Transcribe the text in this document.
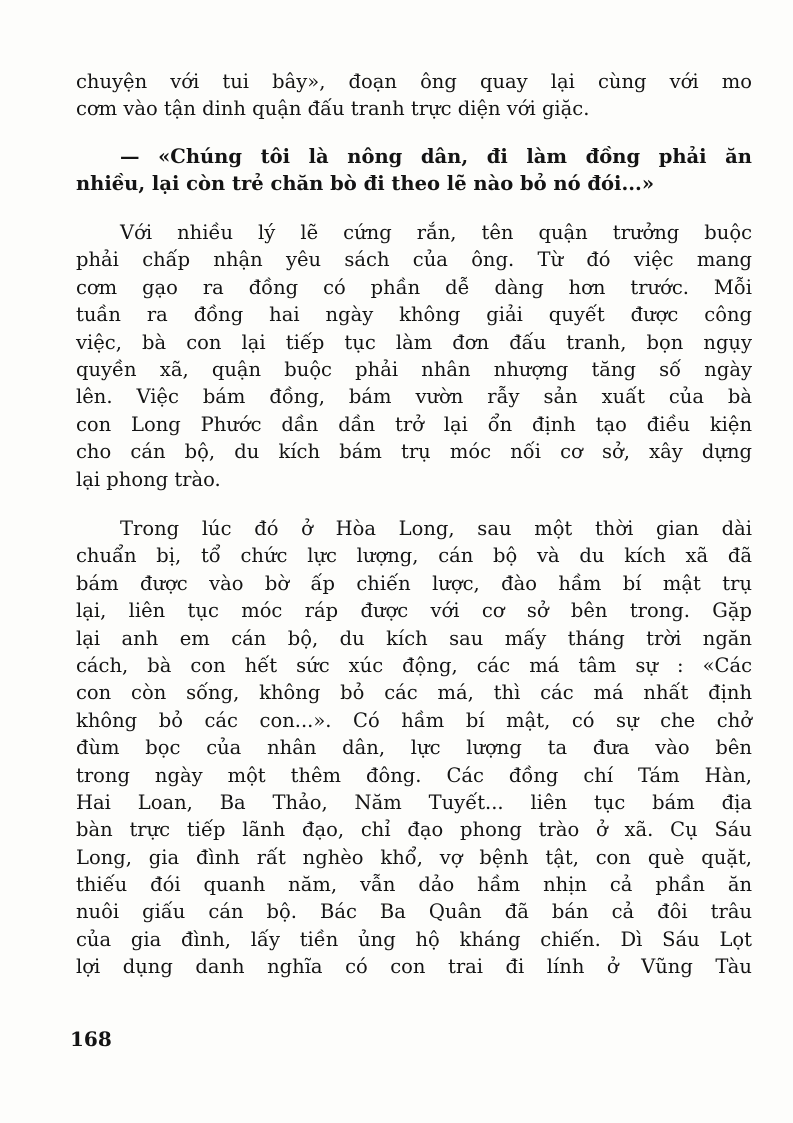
chuyện với tui bây», đoạn ông quay lại cùng với mo
cơm vào tận dinh quận đấu tranh trực diện với giặc.
— «Chúng tôi là nông dân, đi làm đồng phải ăn
nhiều, lại còn trẻ chăn bò đi theo lẽ nào bỏ nó đói...»
Với nhiều lý lẽ cứng rắn, tên quận trưởng buộc
phải chấp nhận yêu sách của ông. Từ đó việc mang
cơm gạo ra đồng có phần dễ dàng hơn trước. Mỗi
tuần ra đồng hai ngày không giải quyết được công
việc, bà con lại tiếp tục làm đơn đấu tranh, bọn ngụy
quyền xã, quận buộc phải nhân nhượng tăng số ngày
lên. Việc bám đồng, bám vườn rẫy sản xuất của bà
con Long Phước dần dần trở lại ổn định tạo điều kiện
cho cán bộ, du kích bám trụ móc nối cơ sở, xây dựng
lại phong trào.
Trong lúc đó ở Hòa Long, sau một thời gian dài
chuẩn bị, tổ chức lực lượng, cán bộ và du kích xã đã
bám được vào bờ ấp chiến lược, đào hầm bí mật trụ
lại, liên tục móc ráp được với cơ sở bên trong. Gặp
lại anh em cán bộ, du kích sau mấy tháng trời ngăn
cách, bà con hết sức xúc động, các má tâm sự : «Các
con còn sống, không bỏ các má, thì các má nhất định
không bỏ các con...». Có hầm bí mật, có sự che chở
đùm bọc của nhân dân, lực lượng ta đưa vào bên
trong ngày một thêm đông. Các đồng chí Tám Hàn,
Hai Loan, Ba Thảo, Năm Tuyết... liên tục bám địa
bàn trực tiếp lãnh đạo, chỉ đạo phong trào ở xã. Cụ Sáu
Long, gia đình rất nghèo khổ, vợ bệnh tật, con què quặt,
thiếu đói quanh năm, vẫn dảo hầm nhịn cả phần ăn
nuôi giấu cán bộ. Bác Ba Quân đã bán cả đôi trâu
của gia đình, lấy tiền ủng hộ kháng chiến. Dì Sáu Lọt
lợi dụng danh nghĩa có con trai đi lính ở Vũng Tàu
168
